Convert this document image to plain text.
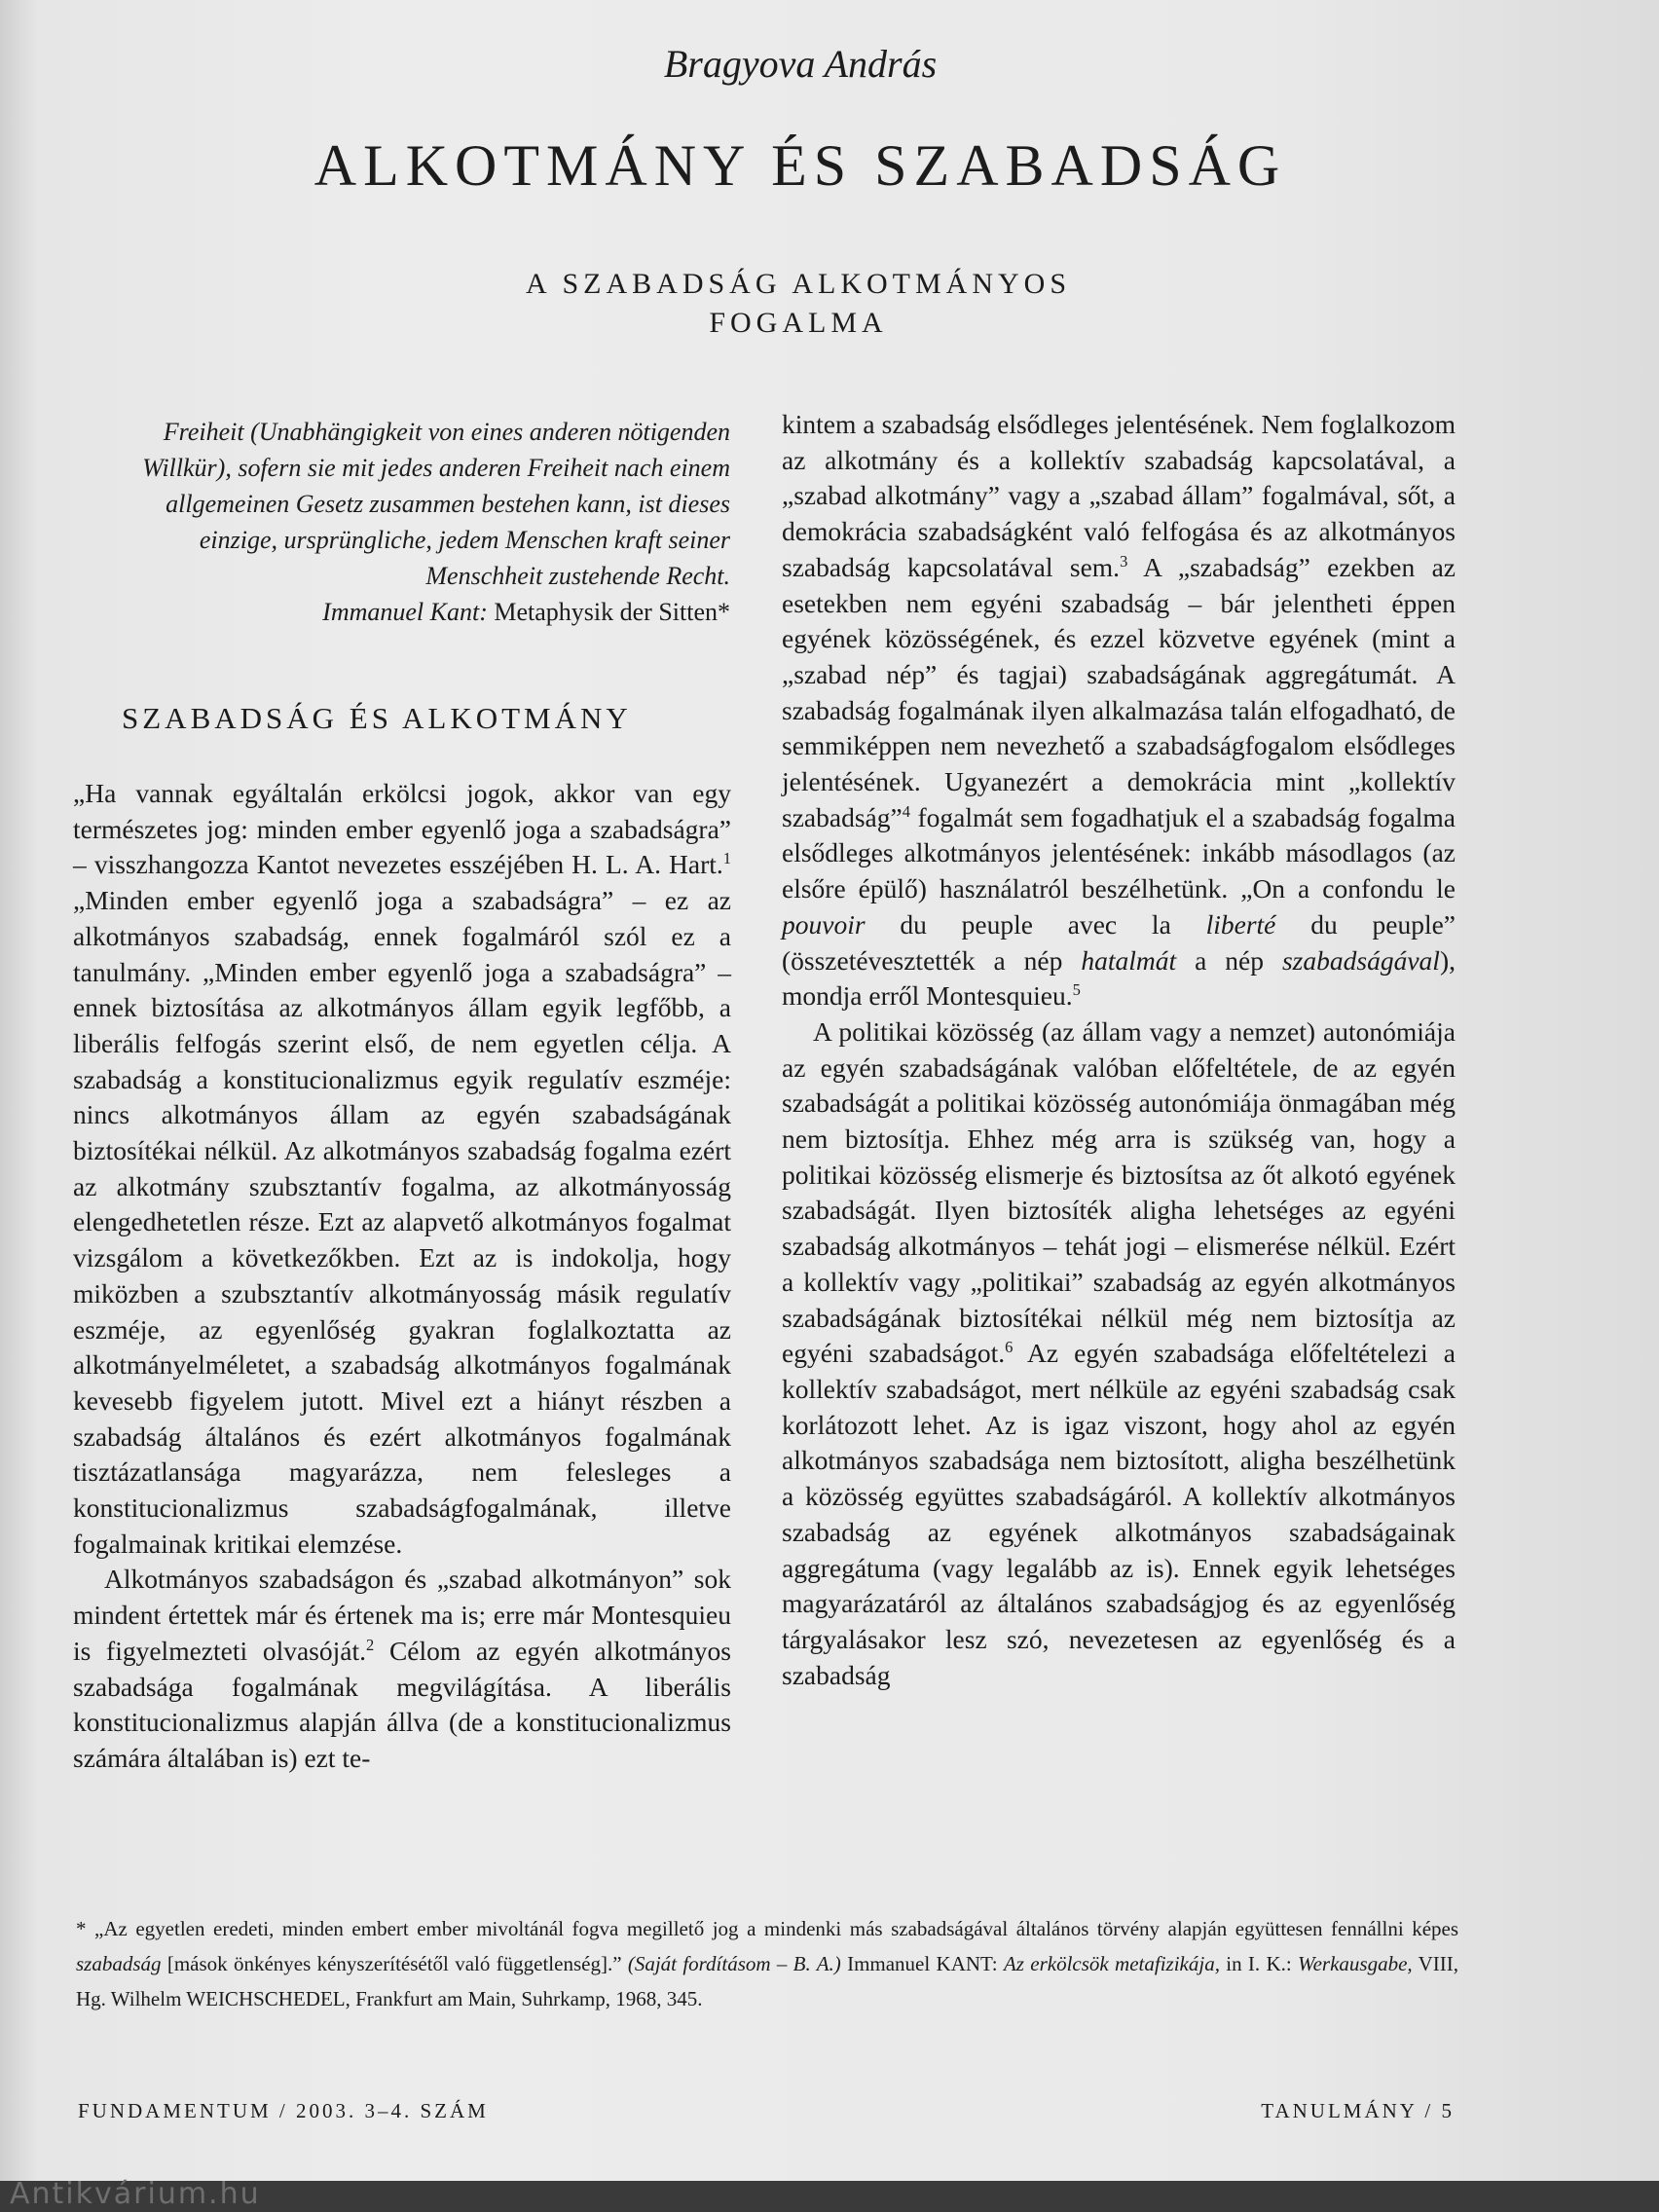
Bragyova András
ALKOTMÁNY ÉS SZABADSÁG
A SZABADSÁG ALKOTMÁNYOS
FOGALMA
Freiheit (Unabhängigkeit von eines anderen nötigenden
Willkür), sofern sie mit jedes anderen Freiheit nach einem
allgemeinen Gesetz zusammen bestehen kann, ist dieses
einzige, ursprüngliche, jedem Menschen kraft seiner
Menschheit zustehende Recht.
Immanuel Kant: Metaphysik der Sitten*
SZABADSÁG ÉS ALKOTMÁNY

„Ha vannak egyáltalán erkölcsi jogok, akkor van egy természetes jog: minden ember egyenlő joga a szabadságra” – visszhangozza Kantot nevezetes esszéjében H. L. A. Hart.$^1$ „Minden ember egyenlő joga a szabadságra” – ez az alkotmányos szabadság, ennek fogalmáról szól ez a tanulmány. „Minden ember egyenlő joga a szabadságra” – ennek biztosítása az alkotmányos állam egyik legfőbb, a liberális felfogás szerint első, de nem egyetlen célja. A szabadság a konstitucionalizmus egyik regulatív eszméje: nincs alkotmányos állam az egyén szabadságának biztosítékai nélkül. Az alkotmányos szabadság fogalma ezért az alkotmány szubsztantív fogalma, az alkotmányosság elengedhetetlen része. Ezt az alapvető alkotmányos fogalmat vizsgálom a következőkben. Ezt az is indokolja, hogy miközben a szubsztantív alkotmányosság másik regulatív eszméje, az egyenlőség gyakran foglalkoztatta az alkotmányelméletet, a szabadság alkotmányos fogalmának kevesebb figyelem jutott. Mivel ezt a hiányt részben a szabadság általános és ezért alkotmányos fogalmának tisztázatlansága magyarázza, nem felesleges a konstitucionalizmus szabadságfogalmának, illetve fogalmainak kritikai elemzése.

Alkotmányos szabadságon és „szabad alkotmányon” sok mindent értettek már és értenek ma is; erre már Montesquieu is figyelmezteti olvasóját.$^2$ Célom az egyén alkotmányos szabadsága fogalmának megvilágítása. A liberális konstitucionalizmus alapján állva (de a konstitucionalizmus számára általában is) ezt te-

kintem a szabadság elsődleges jelentésének. Nem foglalkozom az alkotmány és a kollektív szabadság kapcsolatával, a „szabad alkotmány” vagy a „szabad állam” fogalmával, sőt, a demokrácia szabadságként való felfogása és az alkotmányos szabadság kapcsolatával sem.$^3$ A „szabadság” ezekben az esetekben nem egyéni szabadság – bár jelentheti éppen egyének közösségének, és ezzel közvetve egyének (mint a „szabad nép” és tagjai) szabadságának aggregátumát. A szabadság fogalmának ilyen alkalmazása talán elfogadható, de semmiképpen nem nevezhető a szabadságfogalom elsődleges jelentésének. Ugyanezért a demokrácia mint „kollektív szabadság”$^4$ fogalmát sem fogadhatjuk el a szabadság fogalma elsődleges alkotmányos jelentésének: inkább másodlagos (az elsőre épülő) használatról beszélhetünk. „On a confondu le pouvoir du peuple avec la liberté du peuple” (összetévesztették a nép hatalmát a nép szabadságával), mondja erről Montesquieu.$^5$

A politikai közösség (az állam vagy a nemzet) autonómiája az egyén szabadságának valóban előfeltétele, de az egyén szabadságát a politikai közösség autonómiája önmagában még nem biztosítja. Ehhez még arra is szükség van, hogy a politikai közösség elismerje és biztosítsa az őt alkotó egyének szabadságát. Ilyen biztosíték aligha lehetséges az egyéni szabadság alkotmányos – tehát jogi – elismerése nélkül. Ezért a kollektív vagy „politikai” szabadság az egyén alkotmányos szabadságának biztosítékai nélkül még nem biztosítja az egyéni szabadságot.$^6$ Az egyén szabadsága előfeltételezi a kollektív szabadságot, mert nélküle az egyéni szabadság csak korlátozott lehet. Az is igaz viszont, hogy ahol az egyén alkotmányos szabadsága nem biztosított, aligha beszélhetünk a közösség együttes szabadságáról. A kollektív alkotmányos szabadság az egyének alkotmányos szabadságainak aggregátuma (vagy legalább az is). Ennek egyik lehetséges magyarázatáról az általános szabadságjog és az egyenlőség tárgyalásakor lesz szó, nevezetesen az egyenlőség és a szabadság

* „Az egyetlen eredeti, minden embert ember mivoltánál fogva megillető jog a mindenki más szabadságával általános törvény alapján együttesen fennállni képes szabadság [mások önkényes kényszerítésétől való függetlenség].” (Saját fordításom – B. A.) Immanuel KANT: Az erkölcsök metafizikája, in I. K.: Werkausgabe, VIII, Hg. Wilhelm WEICHSCHEDEL, Frankfurt am Main, Suhrkamp, 1968, 345.
FUNDAMENTUM / 2003. 3–4. SZÁM	TANULMÁNY / 5
Antikvárium.hu
